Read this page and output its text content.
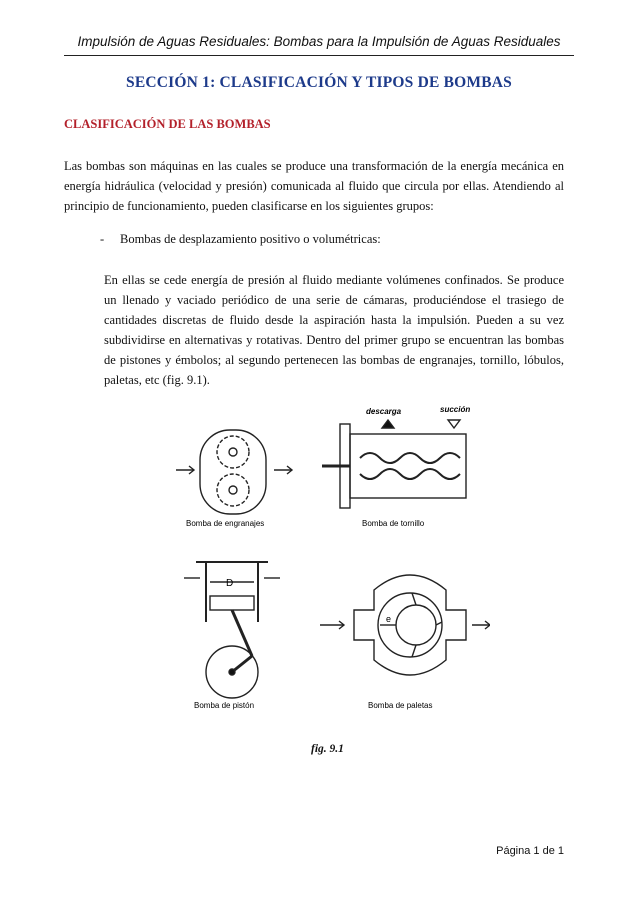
Impulsión de Aguas Residuales: Bombas para la Impulsión de Aguas Residuales
SECCIÓN 1: CLASIFICACIÓN Y TIPOS DE BOMBAS
CLASIFICACIÓN DE LAS BOMBAS
Las bombas son máquinas en las cuales se produce una transformación de la energía mecánica en energía hidráulica (velocidad y presión) comunicada al fluido que circula por ellas. Atendiendo al principio de funcionamiento, pueden clasificarse en los siguientes grupos:
- Bombas de desplazamiento positivo o volumétricas:
En ellas se cede energía de presión al fluido mediante volúmenes confinados. Se produce un llenado y vaciado periódico de una serie de cámaras, produciéndose el trasiego de cantidades discretas de fluido desde la aspiración hasta la impulsión. Pueden a su vez subdividirse en alternativas y rotativas. Dentro del primer grupo se encuentran las bombas de pistones y émbolos; al segundo pertenecen las bombas de engranajes, tornillo, lóbulos, paletas, etc (fig. 9.1).
Bomba de engranajes
descarga	succión
Bomba de tornillo
D
Bomba de pistón
e
Bomba de paletas
fig. 9.1
Página 1 de 1
